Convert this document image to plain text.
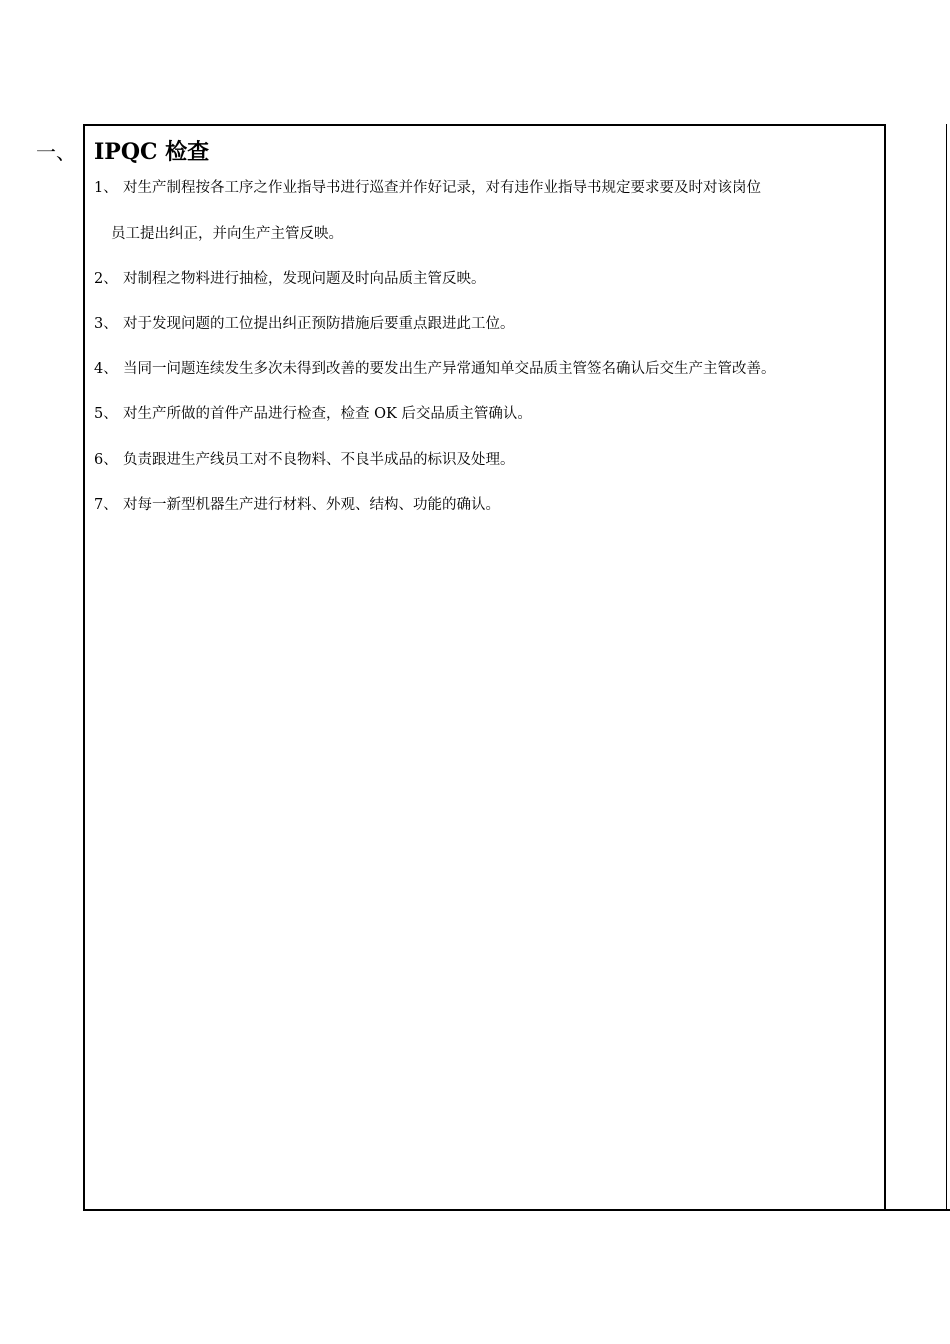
一、 IPQC 检查
1、 对生产制程按各工序之作业指导书进行巡查并作好记录，对有违作业指导书规定要求要及时对该岗位
员工提出纠正，并向生产主管反映。
2、 对制程之物料进行抽检，发现问题及时向品质主管反映。
3、 对于发现问题的工位提出纠正预防措施后要重点跟进此工位。
4、 当同一问题连续发生多次未得到改善的要发出生产异常通知单交品质主管签名确认后交生产主管改善。
5、 对生产所做的首件产品进行检查，检查 OK 后交品质主管确认。
6、 负责跟进生产线员工对不良物料、不良半成品的标识及处理。
7、 对每一新型机器生产进行材料、外观、结构、功能的确认。
